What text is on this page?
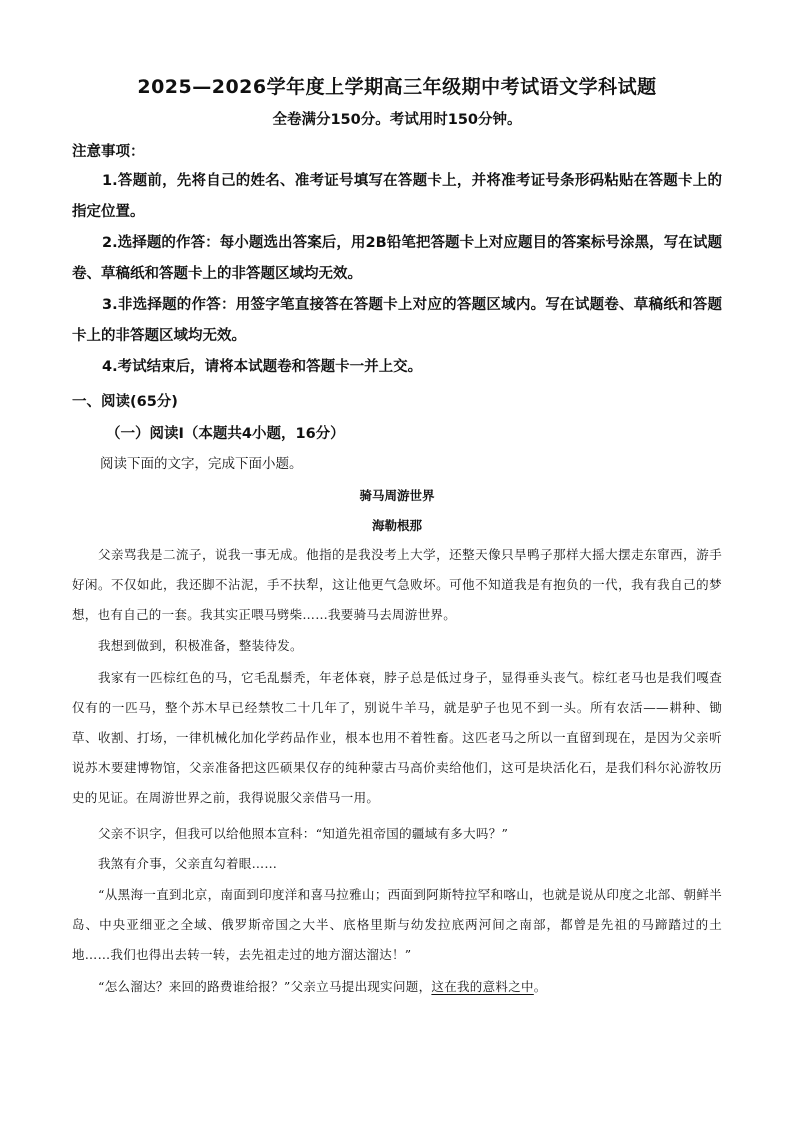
2025—2026学年度上学期高三年级期中考试语文学科试题

全卷满分150分。考试用时150分钟。

注意事项：

1.答题前，先将自己的姓名、准考证号填写在答题卡上，并将准考证号条形码粘贴在答题卡上的指定位置。

2.选择题的作答：每小题选出答案后，用2B铅笔把答题卡上对应题目的答案标号涂黑，写在试题卷、草稿纸和答题卡上的非答题区域均无效。

3.非选择题的作答：用签字笔直接答在答题卡上对应的答题区域内。写在试题卷、草稿纸和答题卡上的非答题区域均无效。

4.考试结束后，请将本试题卷和答题卡一并上交。

一、阅读(65分)

（一）阅读Ⅰ（本题共4小题，16分）

阅读下面的文字，完成下面小题。

骑马周游世界

海勒根那

父亲骂我是二流子，说我一事无成。他指的是我没考上大学，还整天像只旱鸭子那样大摇大摆走东窜西，游手好闲。不仅如此，我还脚不沾泥，手不扶犁，这让他更气急败坏。可他不知道我是有抱负的一代，我有我自己的梦想，也有自己的一套。我其实正喂马劈柴……我要骑马去周游世界。

我想到做到，积极准备，整装待发。

我家有一匹棕红色的马，它毛乱鬃秃，年老体衰，脖子总是低过身子，显得垂头丧气。棕红老马也是我们嘎查仅有的一匹马，整个苏木早已经禁牧二十几年了，别说牛羊马，就是驴子也见不到一头。所有农活——耕种、锄草、收割、打场，一律机械化加化学药品作业，根本也用不着牲畜。这匹老马之所以一直留到现在，是因为父亲听说苏木要建博物馆，父亲准备把这匹硕果仅存的纯种蒙古马高价卖给他们，这可是块活化石，是我们科尔沁游牧历史的见证。在周游世界之前，我得说服父亲借马一用。

父亲不识字，但我可以给他照本宣科：“知道先祖帝国的疆域有多大吗？”

我煞有介事，父亲直勾着眼……

“从黑海一直到北京，南面到印度洋和喜马拉雅山；西面到阿斯特拉罕和喀山，也就是说从印度之北部、朝鲜半岛、中央亚细亚之全域、俄罗斯帝国之大半、底格里斯与幼发拉底两河间之南部，都曾是先祖的马蹄踏过的土地……我们也得出去转一转，去先祖走过的地方溜达溜达！”

“怎么溜达？来回的路费谁给报？”父亲立马提出现实问题，这在我的意料之中。
